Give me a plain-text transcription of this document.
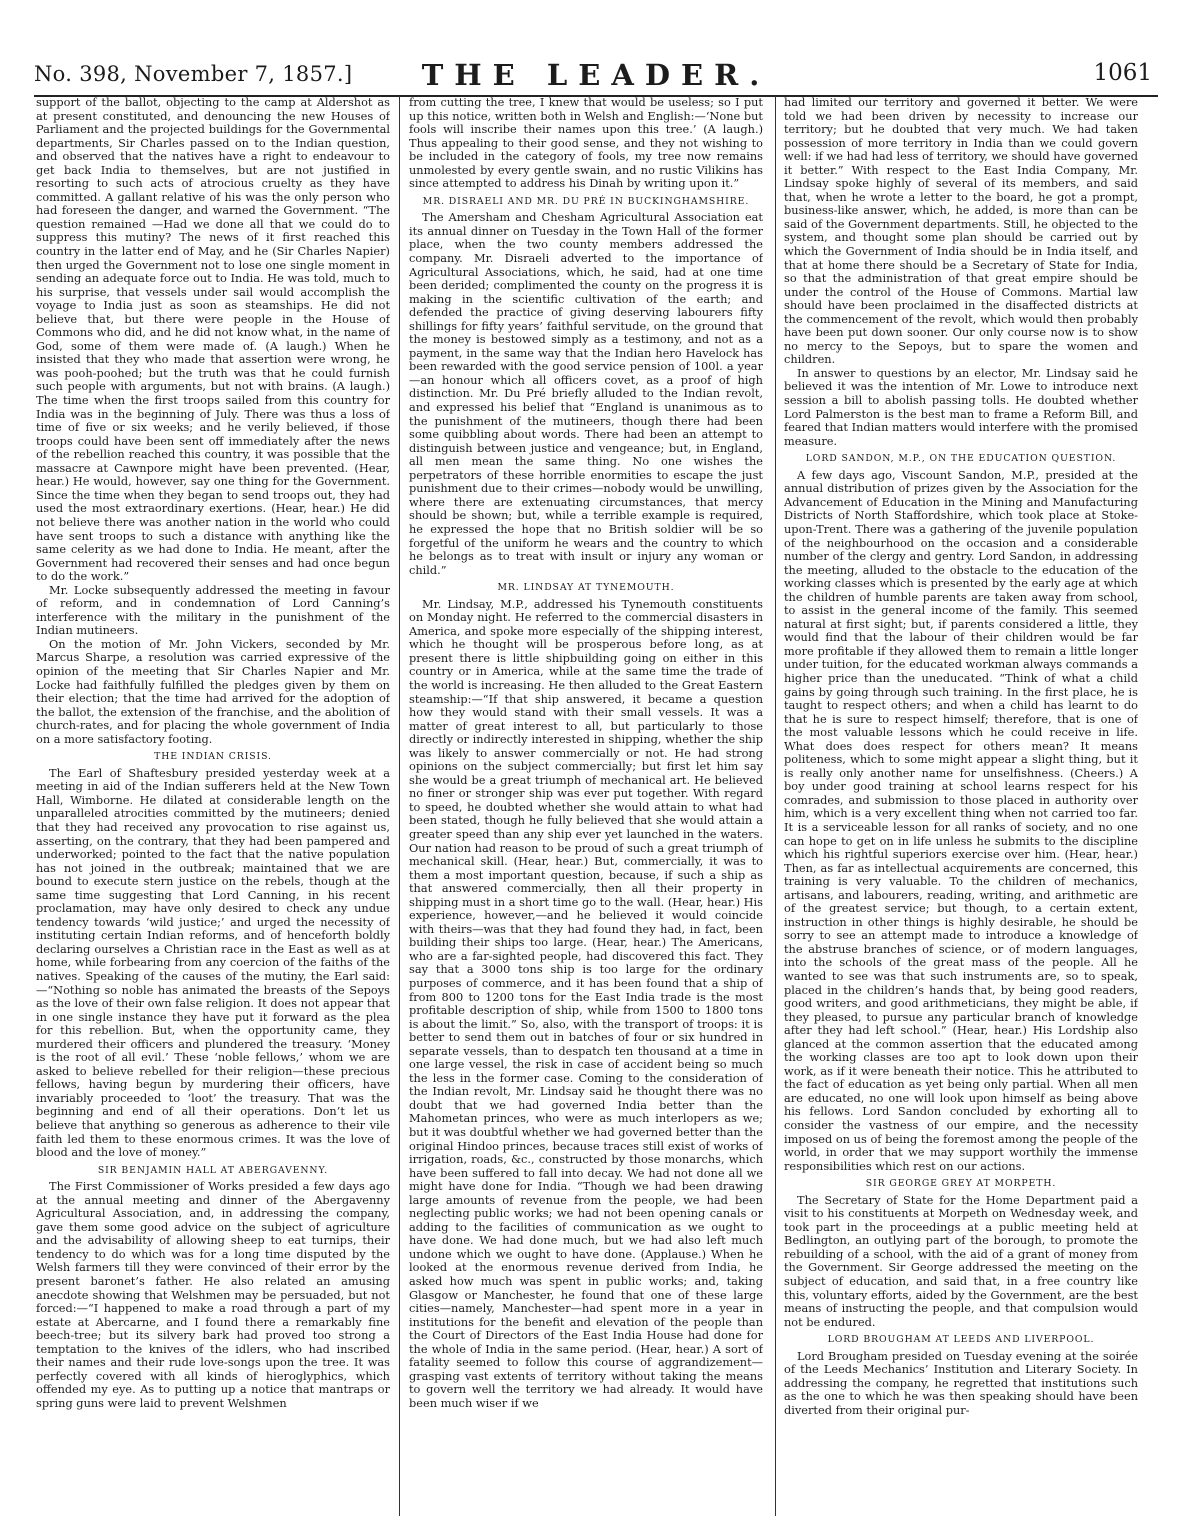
No. 398, November 7, 1857.]	THE LEADER.	1061

support of the ballot, objecting to the camp at Aldershot as at present constituted, and denouncing the new Houses of Parliament and the projected buildings for the Governmental departments, Sir Charles passed on to the Indian question, and observed that the natives have a right to endeavour to get back India to themselves, but are not justified in resorting to such acts of atrocious cruelty as they have committed. A gallant relative of his was the only person who had foreseen the danger, and warned the Government. “The question remained —Had we done all that we could do to suppress this mutiny? The news of it first reached this country in the latter end of May, and he (Sir Charles Napier) then urged the Government not to lose one single moment in sending an adequate force out to India. He was told, much to his surprise, that vessels under sail would accomplish the voyage to India just as soon as steamships. He did not believe that, but there were people in the House of Commons who did, and he did not know what, in the name of God, some of them were made of. (A laugh.) When he insisted that they who made that assertion were wrong, he was pooh-poohed; but the truth was that he could furnish such people with arguments, but not with brains. (A laugh.) The time when the first troops sailed from this country for India was in the beginning of July. There was thus a loss of time of five or six weeks; and he verily believed, if those troops could have been sent off immediately after the news of the rebellion reached this country, it was possible that the massacre at Cawnpore might have been prevented. (Hear, hear.) He would, however, say one thing for the Government. Since the time when they began to send troops out, they had used the most extraordinary exertions. (Hear, hear.) He did not believe there was another nation in the world who could have sent troops to such a distance with anything like the same celerity as we had done to India. He meant, after the Government had recovered their senses and had once begun to do the work.”

Mr. Locke subsequently addressed the meeting in favour of reform, and in condemnation of Lord Canning’s interference with the military in the punishment of the Indian mutineers.

On the motion of Mr. John Vickers, seconded by Mr. Marcus Sharpe, a resolution was carried expressive of the opinion of the meeting that Sir Charles Napier and Mr. Locke had faithfully fulfilled the pledges given by them on their election; that the time had arrived for the adoption of the ballot, the extension of the franchise, and the abolition of church-rates, and for placing the whole government of India on a more satisfactory footing.

THE INDIAN CRISIS.

The Earl of Shaftesbury presided yesterday week at a meeting in aid of the Indian sufferers held at the New Town Hall, Wimborne. He dilated at considerable length on the unparalleled atrocities committed by the mutineers; denied that they had received any provocation to rise against us, asserting, on the contrary, that they had been pampered and underworked; pointed to the fact that the native population has not joined in the outbreak; maintained that we are bound to execute stern justice on the rebels, though at the same time suggesting that Lord Canning, in his recent proclamation, may have only desired to check any undue tendency towards ‘wild justice;’ and urged the necessity of instituting certain Indian reforms, and of henceforth boldly declaring ourselves a Christian race in the East as well as at home, while forbearing from any coercion of the faiths of the natives. Speaking of the causes of the mutiny, the Earl said:—“Nothing so noble has animated the breasts of the Sepoys as the love of their own false religion. It does not appear that in one single instance they have put it forward as the plea for this rebellion. But, when the opportunity came, they murdered their officers and plundered the treasury. ‘Money is the root of all evil.’ These ‘noble fellows,’ whom we are asked to believe rebelled for their religion—these precious fellows, having begun by murdering their officers, have invariably proceeded to ‘loot’ the treasury. That was the beginning and end of all their operations. Don’t let us believe that anything so generous as adherence to their vile faith led them to these enormous crimes. It was the love of blood and the love of money.”

SIR BENJAMIN HALL AT ABERGAVENNY.

The First Commissioner of Works presided a few days ago at the annual meeting and dinner of the Abergavenny Agricultural Association, and, in addressing the company, gave them some good advice on the subject of agriculture and the advisability of allowing sheep to eat turnips, their tendency to do which was for a long time disputed by the Welsh farmers till they were convinced of their error by the present baronet’s father. He also related an amusing anecdote showing that Welshmen may be persuaded, but not forced:—“I happened to make a road through a part of my estate at Abercarne, and I found there a remarkably fine beech-tree; but its silvery bark had proved too strong a temptation to the knives of the idlers, who had inscribed their names and their rude love-songs upon the tree. It was perfectly covered with all kinds of hieroglyphics, which offended my eye. As to putting up a notice that mantraps or spring guns were laid to prevent Welshmen

from cutting the tree, I knew that would be useless; so I put up this notice, written both in Welsh and English:—‘None but fools will inscribe their names upon this tree.’ (A laugh.) Thus appealing to their good sense, and they not wishing to be included in the category of fools, my tree now remains unmolested by every gentle swain, and no rustic Vilikins has since attempted to address his Dinah by writing upon it.”

MR. DISRAELI AND MR. DU PRÉ IN BUCKINGHAMSHIRE.

The Amersham and Chesham Agricultural Association eat its annual dinner on Tuesday in the Town Hall of the former place, when the two county members addressed the company. Mr. Disraeli adverted to the importance of Agricultural Associations, which, he said, had at one time been derided; complimented the county on the progress it is making in the scientific cultivation of the earth; and defended the practice of giving deserving labourers fifty shillings for fifty years’ faithful servitude, on the ground that the money is bestowed simply as a testimony, and not as a payment, in the same way that the Indian hero Havelock has been rewarded with the good service pension of 100l. a year—an honour which all officers covet, as a proof of high distinction. Mr. Du Pré briefly alluded to the Indian revolt, and expressed his belief that “England is unanimous as to the punishment of the mutineers, though there had been some quibbling about words. There had been an attempt to distinguish between justice and vengeance; but, in England, all men mean the same thing. No one wishes the perpetrators of these horrible enormities to escape the just punishment due to their crimes—nobody would be unwilling, where there are extenuating circumstances, that mercy should be shown; but, while a terrible example is required, he expressed the hope that no British soldier will be so forgetful of the uniform he wears and the country to which he belongs as to treat with insult or injury any woman or child.”

MR. LINDSAY AT TYNEMOUTH.

Mr. Lindsay, M.P., addressed his Tynemouth constituents on Monday night. He referred to the commercial disasters in America, and spoke more especially of the shipping interest, which he thought will be prosperous before long, as at present there is little shipbuilding going on either in this country or in America, while at the same time the trade of the world is increasing. He then alluded to the Great Eastern steamship:—“If that ship answered, it became a question how they would stand with their small vessels. It was a matter of great interest to all, but particularly to those directly or indirectly interested in shipping, whether the ship was likely to answer commercially or not. He had strong opinions on the subject commercially; but first let him say she would be a great triumph of mechanical art. He believed no finer or stronger ship was ever put together. With regard to speed, he doubted whether she would attain to what had been stated, though he fully believed that she would attain a greater speed than any ship ever yet launched in the waters. Our nation had reason to be proud of such a great triumph of mechanical skill. (Hear, hear.) But, commercially, it was to them a most important question, because, if such a ship as that answered commercially, then all their property in shipping must in a short time go to the wall. (Hear, hear.) His experience, however,—and he believed it would coincide with theirs—was that they had found they had, in fact, been building their ships too large. (Hear, hear.) The Americans, who are a far-sighted people, had discovered this fact. They say that a 3000 tons ship is too large for the ordinary purposes of commerce, and it has been found that a ship of from 800 to 1200 tons for the East India trade is the most profitable description of ship, while from 1500 to 1800 tons is about the limit.” So, also, with the transport of troops: it is better to send them out in batches of four or six hundred in separate vessels, than to despatch ten thousand at a time in one large vessel, the risk in case of accident being so much the less in the former case. Coming to the consideration of the Indian revolt, Mr. Lindsay said he thought there was no doubt that we had governed India better than the Mahometan princes, who were as much interlopers as we; but it was doubtful whether we had governed better than the original Hindoo princes, because traces still exist of works of irrigation, roads, &c., constructed by those monarchs, which have been suffered to fall into decay. We had not done all we might have done for India. “Though we had been drawing large amounts of revenue from the people, we had been neglecting public works; we had not been opening canals or adding to the facilities of communication as we ought to have done. We had done much, but we had also left much undone which we ought to have done. (Applause.) When he looked at the enormous revenue derived from India, he asked how much was spent in public works; and, taking Glasgow or Manchester, he found that one of these large cities—namely, Manchester—had spent more in a year in institutions for the benefit and elevation of the people than the Court of Directors of the East India House had done for the whole of India in the same period. (Hear, hear.) A sort of fatality seemed to follow this course of aggrandizement—grasping vast extents of territory without taking the means to govern well the territory we had already. It would have been much wiser if we

had limited our territory and governed it better. We were told we had been driven by necessity to increase our territory; but he doubted that very much. We had taken possession of more territory in India than we could govern well: if we had had less of territory, we should have governed it better.” With respect to the East India Company, Mr. Lindsay spoke highly of several of its members, and said that, when he wrote a letter to the board, he got a prompt, business-like answer, which, he added, is more than can be said of the Government departments. Still, he objected to the system, and thought some plan should be carried out by which the Government of India should be in India itself, and that at home there should be a Secretary of State for India, so that the administration of that great empire should be under the control of the House of Commons. Martial law should have been proclaimed in the disaffected districts at the commencement of the revolt, which would then probably have been put down sooner. Our only course now is to show no mercy to the Sepoys, but to spare the women and children.

In answer to questions by an elector, Mr. Lindsay said he believed it was the intention of Mr. Lowe to introduce next session a bill to abolish passing tolls. He doubted whether Lord Palmerston is the best man to frame a Reform Bill, and feared that Indian matters would interfere with the promised measure.

LORD SANDON, M.P., ON THE EDUCATION QUESTION.

A few days ago, Viscount Sandon, M.P., presided at the annual distribution of prizes given by the Association for the Advancement of Education in the Mining and Manufacturing Districts of North Staffordshire, which took place at Stoke-upon-Trent. There was a gathering of the juvenile population of the neighbourhood on the occasion and a considerable number of the clergy and gentry. Lord Sandon, in addressing the meeting, alluded to the obstacle to the education of the working classes which is presented by the early age at which the children of humble parents are taken away from school, to assist in the general income of the family. This seemed natural at first sight; but, if parents considered a little, they would find that the labour of their children would be far more profitable if they allowed them to remain a little longer under tuition, for the educated workman always commands a higher price than the uneducated. “Think of what a child gains by going through such training. In the first place, he is taught to respect others; and when a child has learnt to do that he is sure to respect himself; therefore, that is one of the most valuable lessons which he could receive in life. What does does respect for others mean? It means politeness, which to some might appear a slight thing, but it is really only another name for unselfishness. (Cheers.) A boy under good training at school learns respect for his comrades, and submission to those placed in authority over him, which is a very excellent thing when not carried too far. It is a serviceable lesson for all ranks of society, and no one can hope to get on in life unless he submits to the discipline which his rightful superiors exercise over him. (Hear, hear.) Then, as far as intellectual acquirements are concerned, this training is very valuable. To the children of mechanics, artisans, and labourers, reading, writing, and arithmetic are of the greatest service; but though, to a certain extent, instruction in other things is highly desirable, he should be sorry to see an attempt made to introduce a knowledge of the abstruse branches of science, or of modern languages, into the schools of the great mass of the people. All he wanted to see was that such instruments are, so to speak, placed in the children’s hands that, by being good readers, good writers, and good arithmeticians, they might be able, if they pleased, to pursue any particular branch of knowledge after they had left school.” (Hear, hear.) His Lordship also glanced at the common assertion that the educated among the working classes are too apt to look down upon their work, as if it were beneath their notice. This he attributed to the fact of education as yet being only partial. When all men are educated, no one will look upon himself as being above his fellows. Lord Sandon concluded by exhorting all to consider the vastness of our empire, and the necessity imposed on us of being the foremost among the people of the world, in order that we may support worthily the immense responsibilities which rest on our actions.

SIR GEORGE GREY AT MORPETH.

The Secretary of State for the Home Department paid a visit to his constituents at Morpeth on Wednesday week, and took part in the proceedings at a public meeting held at Bedlington, an outlying part of the borough, to promote the rebuilding of a school, with the aid of a grant of money from the Government. Sir George addressed the meeting on the subject of education, and said that, in a free country like this, voluntary efforts, aided by the Government, are the best means of instructing the people, and that compulsion would not be endured.

LORD BROUGHAM AT LEEDS AND LIVERPOOL.

Lord Brougham presided on Tuesday evening at the soirée of the Leeds Mechanics’ Institution and Literary Society. In addressing the company, he regretted that institutions such as the one to which he was then speaking should have been diverted from their original pur-
